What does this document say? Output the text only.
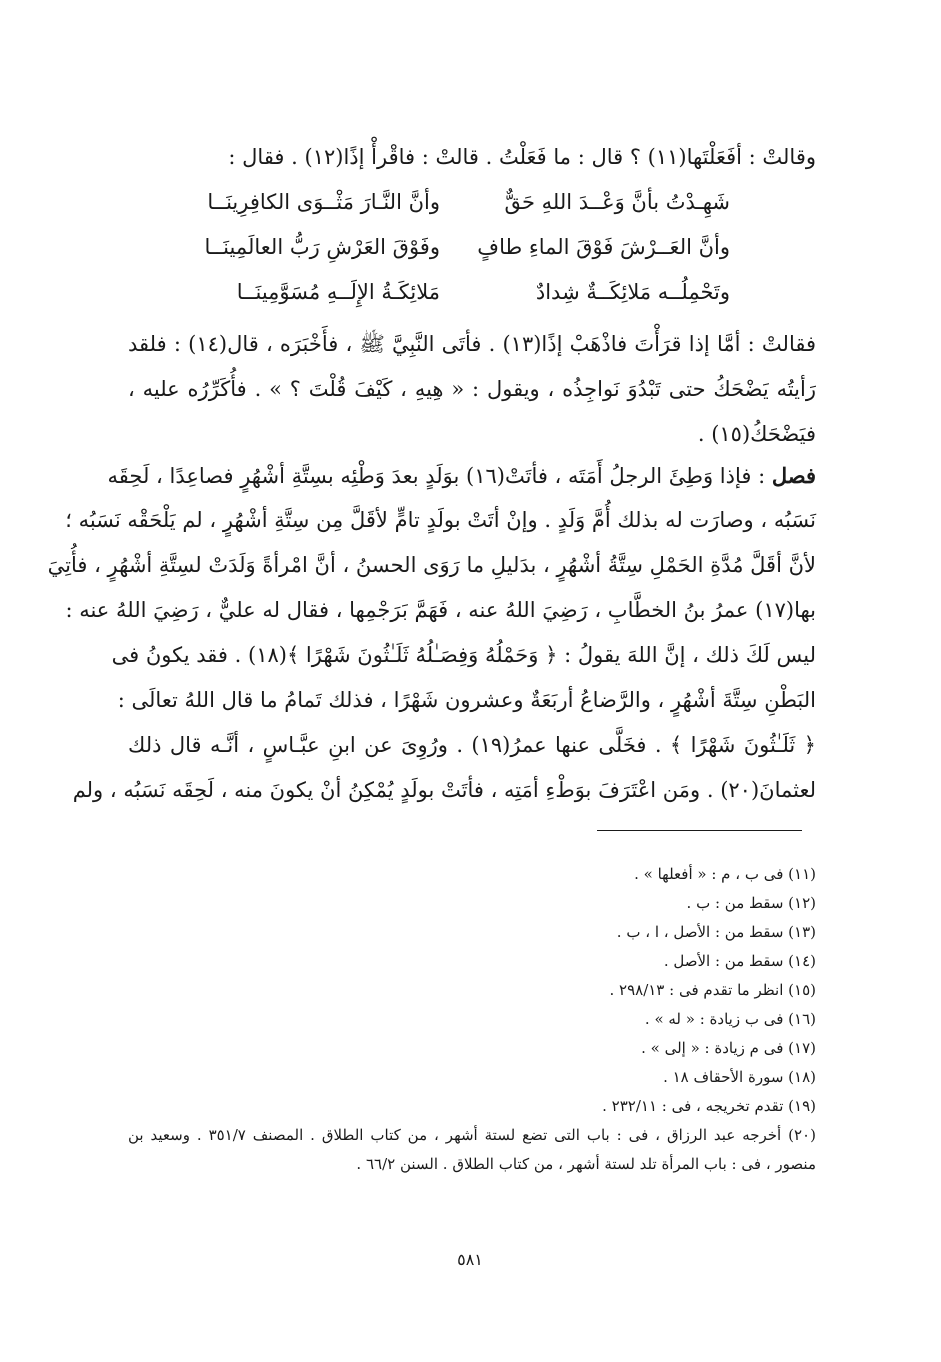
وقالتْ : أفَعَلْتَها(١١) ؟ قال : ما فَعَلْتُ . قالتْ : فاقْرأْ إذًا(١٢) . فقال :
شَهِـدْتُ بأنَّ وَعْــدَ اللهِ حَقٌّ
وأنَّ النَّـارَ مَثْــوَى الكافِرِينَــا
وأنَّ العَــرْشَ فَوْقَ الماءِ طافٍ
وفَوْقَ العَرْشِ رَبُّ العالَمِينَــا
وتَحْمِلُــه مَلائِكَــةٌ شِدادٌ
مَلائِكَـةُ الإِلَــهِ مُسَوَّمِينَــا
فقالتْ : أمَّا إذا قرَأْتَ فاذْهَبْ إذًا(١٣) . فأتَى النَّبِيَّ ﷺ ، فأَخْبَرَه ، قال(١٤) : فلقد
رَأيتُه يَضْحَكُ حتى تَبْدُوَ نَواجِذُه ، ويقول : « هِيهِ ، كَيْفَ قُلْتَ ؟ » . فأُكَرِّرُه عليه ،
فيَضْحَكُ(١٥) .
فصل : فإذا وَطِئَ الرجلُ أَمَتَه ، فأتَتْ(١٦) بوَلَدٍ بعدَ وَطْئِه بسِتَّةِ أشْهُرٍ فصاعِدًا ، لَحِقَه
نَسَبُه ، وصارَت له بذلك أُمَّ وَلَدٍ . وإنْ أتَتْ بولَدٍ تامٍّ لأقَلَّ مِن سِتَّةِ أشْهُرٍ ، لم يَلْحَقْه نَسَبُه ؛
لأنَّ أقَلَّ مُدَّةِ الحَمْلِ سِتَّةُ أشْهُرٍ ، بدَليلِ ما رَوَى الحسنُ ، أنَّ امْرأةً وَلَدَتْ لسِتَّةِ أشْهُرٍ ، فأُتِيَ
بها(١٧) عمرُ بنُ الخطَّابِ ، رَضِيَ اللهُ عنه ، فَهَمَّ بَرَجْمِها ، فقال له عليٌّ ، رَضِيَ اللهُ عنه :
ليس لَكَ ذلك ، إنَّ اللهَ يقولُ : ﴿ وَحَمْلُهُ وَفِصَـٰلُهُ ثَلَـٰثُونَ شَهْرًا ﴾(١٨) . فقد يكونُ فى
البَطْنِ سِتَّةَ أشْهُرٍ ، والرَّضاعُ أربَعَةٌ وعشرون شَهْرًا ، فذلك تَمامُ ما قال اللهُ تعالَى :
﴿ ثَلَـٰثُونَ شَهْرًا ﴾ . فخَلَّى عنها عمرُ(١٩) . ورُوِىَ عن ابنِ عبَّـاسٍ ، أنَّـه قال ذلك
لعثمانَ(٢٠) . ومَن اعْتَرَفَ بوَطْءِ أمَتِه ، فأتَتْ بولَدٍ يُمْكِنُ أنْ يكونَ منه ، لَحِقَه نَسَبُه ، ولم
(١١) فى ب ، م : « أفعلها » .
(١٢) سقط من : ب .
(١٣) سقط من : الأصل ، ا ، ب .
(١٤) سقط من : الأصل .
(١٥) انظر ما تقدم فى : ٢٩٨/١٣ .
(١٦) فى ب زيادة : « له » .
(١٧) فى م زيادة : « إلى » .
(١٨) سورة الأحقاف ١٨ .
(١٩) تقدم تخريجه ، فى : ٢٣٢/١١ .
(٢٠) أخرجه عبد الرزاق ، فى : باب التى تضع لستة أشهر ، من كتاب الطلاق . المصنف ٣٥١/٧ . وسعيد بن
منصور ، فى : باب المرأة تلد لستة أشهر ، من كتاب الطلاق . السنن ٦٦/٢ .
٥٨١
